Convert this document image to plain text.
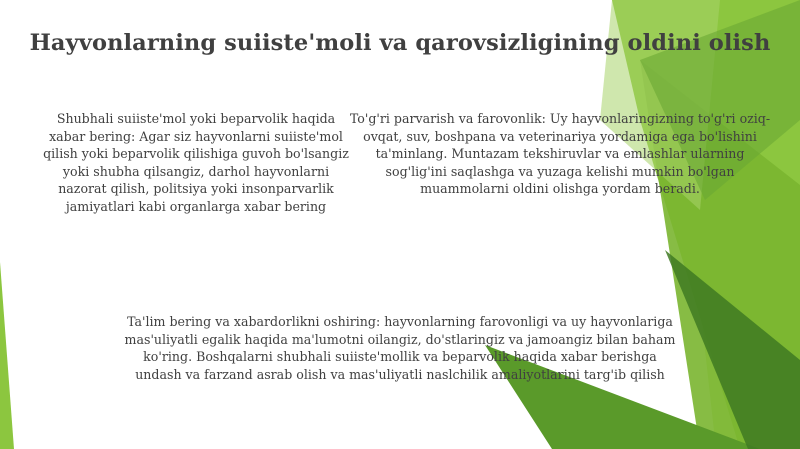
Hayvonlarning suiiste'moli va qarovsizligining oldini olish
Shubhali suiiste'mol yoki beparvolik haqida xabar bering: Agar siz hayvonlarni suiiste'mol qilish yoki beparvolik qilishiga guvoh bo'lsangiz yoki shubha qilsangiz, darhol hayvonlarni nazorat qilish, politsiya yoki insonparvarlik jamiyatlari kabi organlarga xabar bering
To'g'ri parvarish va farovonlik: Uy hayvonlaringizning to'g'ri oziq-ovqat, suv, boshpana va veterinariya yordamiga ega bo'lishini ta'minlang. Muntazam tekshiruvlar va emlashlar ularning sog'lig'ini saqlashga va yuzaga kelishi mumkin bo'lgan muammolarni oldini olishga yordam beradi.
Ta'lim bering va xabardorlikni oshiring: hayvonlarning farovonligi va uy hayvonlariga mas'uliyatli egalik haqida ma'lumotni oilangiz, do'stlaringiz va jamoangiz bilan baham ko'ring. Boshqalarni shubhali suiiste'mollik va beparvolik haqida xabar berishga undash va farzand asrab olish va mas'uliyatli naslchilik amaliyotlarini targ'ib qilish
